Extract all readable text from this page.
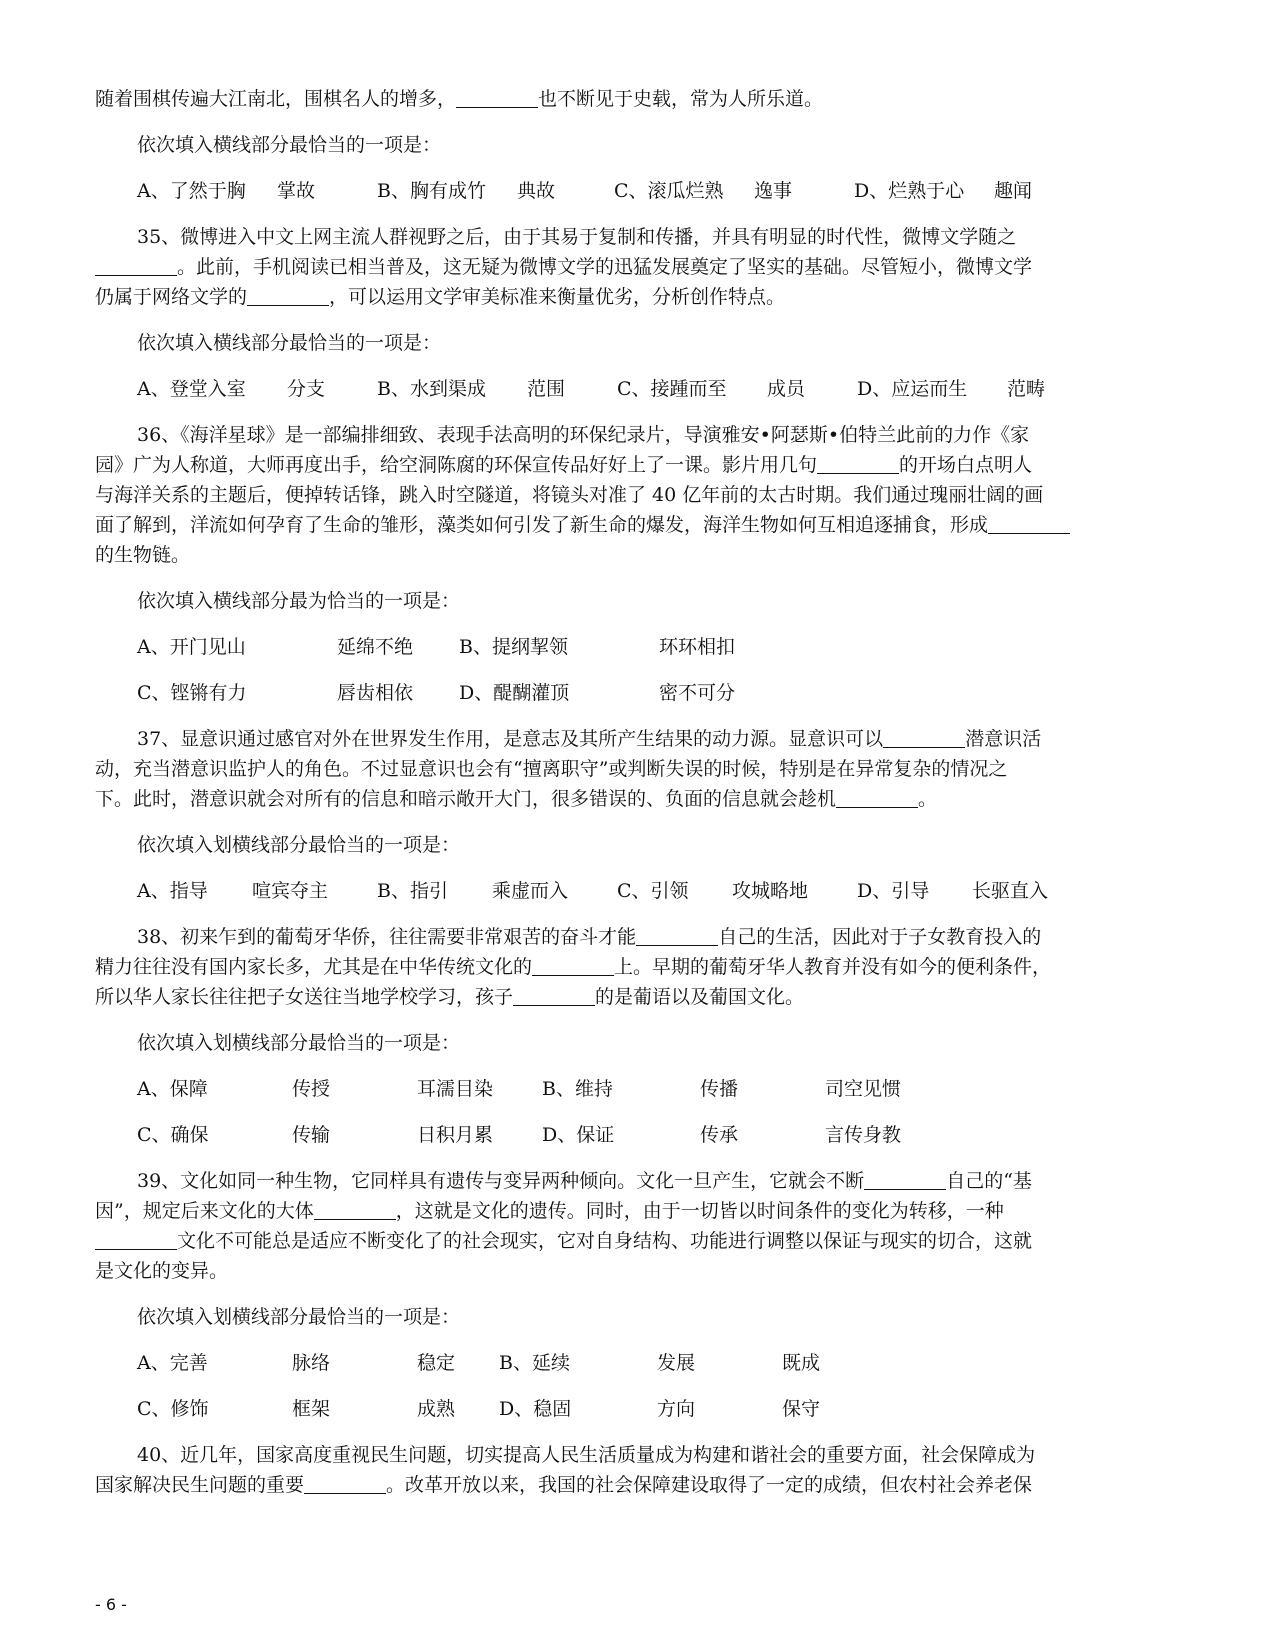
随着围棋传遍大江南北，围棋名人的增多，	也不断见于史载，常为人所乐道。
依次填入横线部分最恰当的一项是：
A、了然于胸	掌故	B、胸有成竹	典故	C、滚瓜烂熟	逸事	D、烂熟于心	趣闻
35、微博进入中文上网主流人群视野之后，由于其易于复制和传播，并具有明显的时代性，微博文学随之
。此前，手机阅读已相当普及，这无疑为微博文学的迅猛发展奠定了坚实的基础。尽管短小，微博文学
仍属于网络文学的	，可以运用文学审美标准来衡量优劣，分析创作特点。
依次填入横线部分最恰当的一项是：
A、登堂入室	分支	B、水到渠成	范围	C、接踵而至	成员	D、应运而生	范畴
36、《海洋星球》是一部编排细致、表现手法高明的环保纪录片，导演雅安•阿瑟斯•伯特兰此前的力作《家
园》广为人称道，大师再度出手，给空洞陈腐的环保宣传品好好上了一课。影片用几句	的开场白点明人
与海洋关系的主题后，便掉转话锋，跳入时空隧道，将镜头对准了 40 亿年前的太古时期。我们通过瑰丽壮阔的画
面了解到，洋流如何孕育了生命的雏形，藻类如何引发了新生命的爆发，海洋生物如何互相追逐捕食，形成
的生物链。
依次填入横线部分最为恰当的一项是：
A、开门见山	延绵不绝	B、提纲挈领	环环相扣
C、铿锵有力	唇齿相依	D、醍醐灌顶	密不可分
37、显意识通过感官对外在世界发生作用，是意志及其所产生结果的动力源。显意识可以	潜意识活
动，充当潜意识监护人的角色。不过显意识也会有“擅离职守”或判断失误的时候，特别是在异常复杂的情况之
下。此时，潜意识就会对所有的信息和暗示敞开大门，很多错误的、负面的信息就会趁机	。
依次填入划横线部分最恰当的一项是：
A、指导	喧宾夺主	B、指引	乘虚而入	C、引领	攻城略地	D、引导	长驱直入
38、初来乍到的葡萄牙华侨，往往需要非常艰苦的奋斗才能	自己的生活，因此对于子女教育投入的
精力往往没有国内家长多，尤其是在中华传统文化的	上。早期的葡萄牙华人教育并没有如今的便利条件，
所以华人家长往往把子女送往当地学校学习，孩子	的是葡语以及葡国文化。
依次填入划横线部分最恰当的一项是：
A、保障	传授	耳濡目染	B、维持	传播	司空见惯
C、确保	传输	日积月累	D、保证	传承	言传身教
39、文化如同一种生物，它同样具有遗传与变异两种倾向。文化一旦产生，它就会不断	自己的“基
因”，规定后来文化的大体	，这就是文化的遗传。同时，由于一切皆以时间条件的变化为转移，一种
文化不可能总是适应不断变化了的社会现实，它对自身结构、功能进行调整以保证与现实的切合，这就
是文化的变异。
依次填入划横线部分最恰当的一项是：
A、完善	脉络	稳定	B、延续	发展	既成
C、修饰	框架	成熟	D、稳固	方向	保守
40、近几年，国家高度重视民生问题，切实提高人民生活质量成为构建和谐社会的重要方面，社会保障成为
国家解决民生问题的重要	。改革开放以来，我国的社会保障建设取得了一定的成绩，但农村社会养老保
- 6 -
